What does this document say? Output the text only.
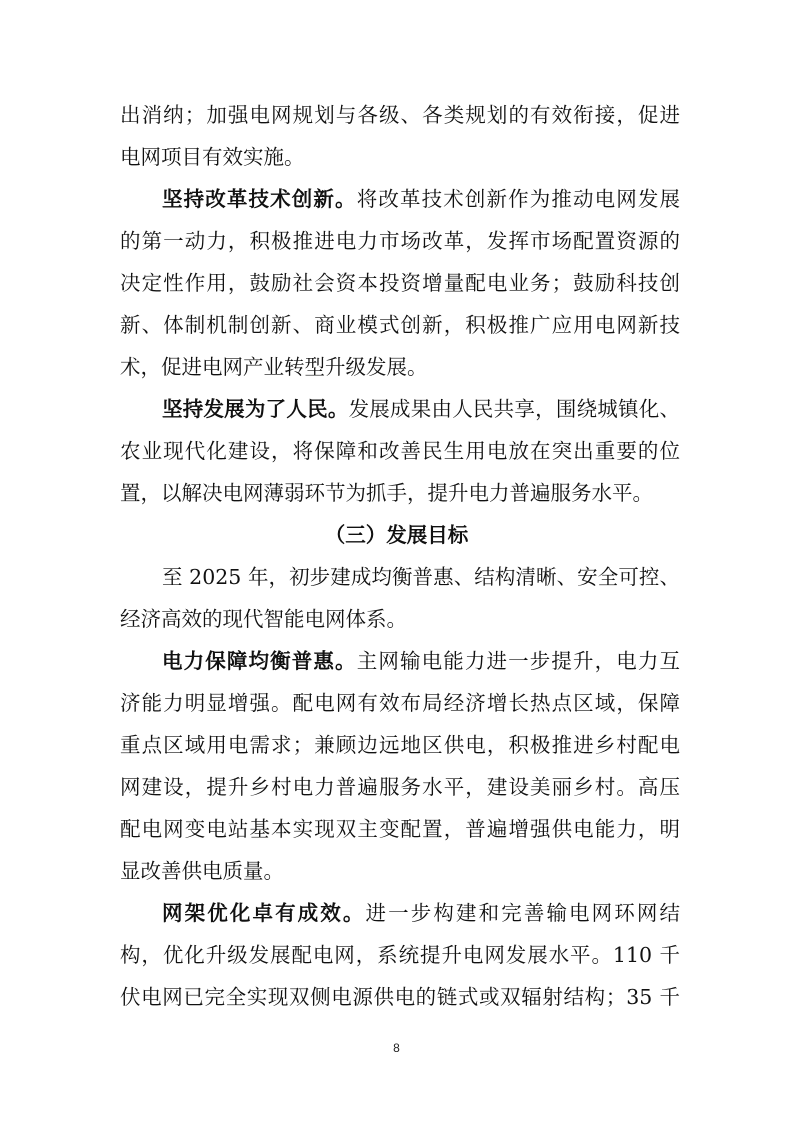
出消纳；加强电网规划与各级、各类规划的有效衔接，促进
电网项目有效实施。
坚持改革技术创新。将改革技术创新作为推动电网发展
的第一动力，积极推进电力市场改革，发挥市场配置资源的
决定性作用，鼓励社会资本投资增量配电业务；鼓励科技创
新、体制机制创新、商业模式创新，积极推广应用电网新技
术，促进电网产业转型升级发展。
坚持发展为了人民。发展成果由人民共享，围绕城镇化、
农业现代化建设，将保障和改善民生用电放在突出重要的位
置，以解决电网薄弱环节为抓手，提升电力普遍服务水平。
（三）发展目标
至 2025 年，初步建成均衡普惠、结构清晰、安全可控、
经济高效的现代智能电网体系。
电力保障均衡普惠。主网输电能力进一步提升，电力互
济能力明显增强。配电网有效布局经济增长热点区域，保障
重点区域用电需求；兼顾边远地区供电，积极推进乡村配电
网建设，提升乡村电力普遍服务水平，建设美丽乡村。高压
配电网变电站基本实现双主变配置，普遍增强供电能力，明
显改善供电质量。
网架优化卓有成效。进一步构建和完善输电网环网结
构，优化升级发展配电网，系统提升电网发展水平。110 千
伏电网已完全实现双侧电源供电的链式或双辐射结构；35 千
8
